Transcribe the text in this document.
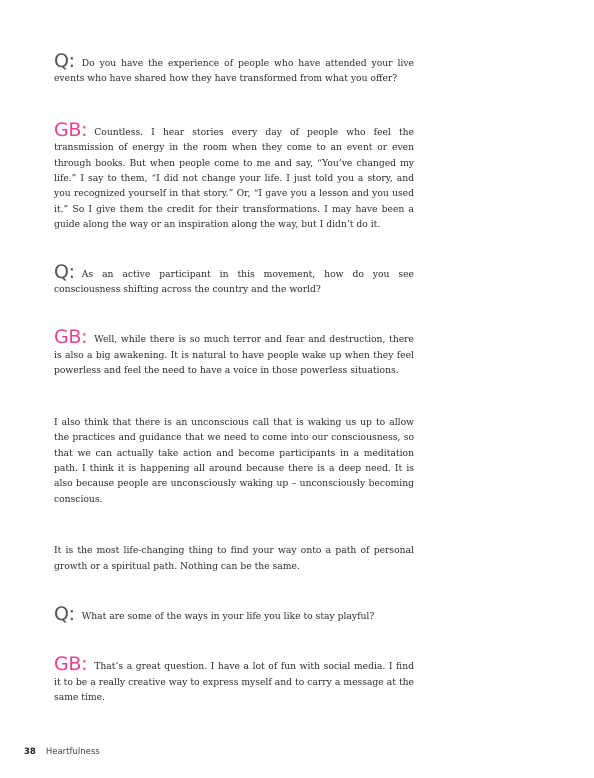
Q: Do you have the experience of people who have attended your live events who have shared how they have transformed from what you offer?

GB: Countless. I hear stories every day of people who feel the transmission of energy in the room when they come to an event or even through books. But when people come to me and say, “You’ve changed my life.” I say to them, “I did not change your life. I just told you a story, and you recognized yourself in that story.” Or, “I gave you a lesson and you used it.” So I give them the credit for their transformations. I may have been a guide along the way or an inspiration along the way, but I didn’t do it.

Q: As an active participant in this movement, how do you see consciousness shifting across the country and the world?

GB: Well, while there is so much terror and fear and destruction, there is also a big awakening. It is natural to have people wake up when they feel powerless and feel the need to have a voice in those powerless situations.

I also think that there is an unconscious call that is waking us up to allow the practices and guidance that we need to come into our consciousness, so that we can actually take action and become participants in a meditation path. I think it is happening all around because there is a deep need. It is also because people are unconsciously waking up – unconsciously becoming conscious.

It is the most life-changing thing to find your way onto a path of personal growth or a spiritual path. Nothing can be the same.

Q: What are some of the ways in your life you like to stay playful?

GB: That’s a great question. I have a lot of fun with social media. I find it to be a really creative way to express myself and to carry a message at the same time.

38 Heartfulness
